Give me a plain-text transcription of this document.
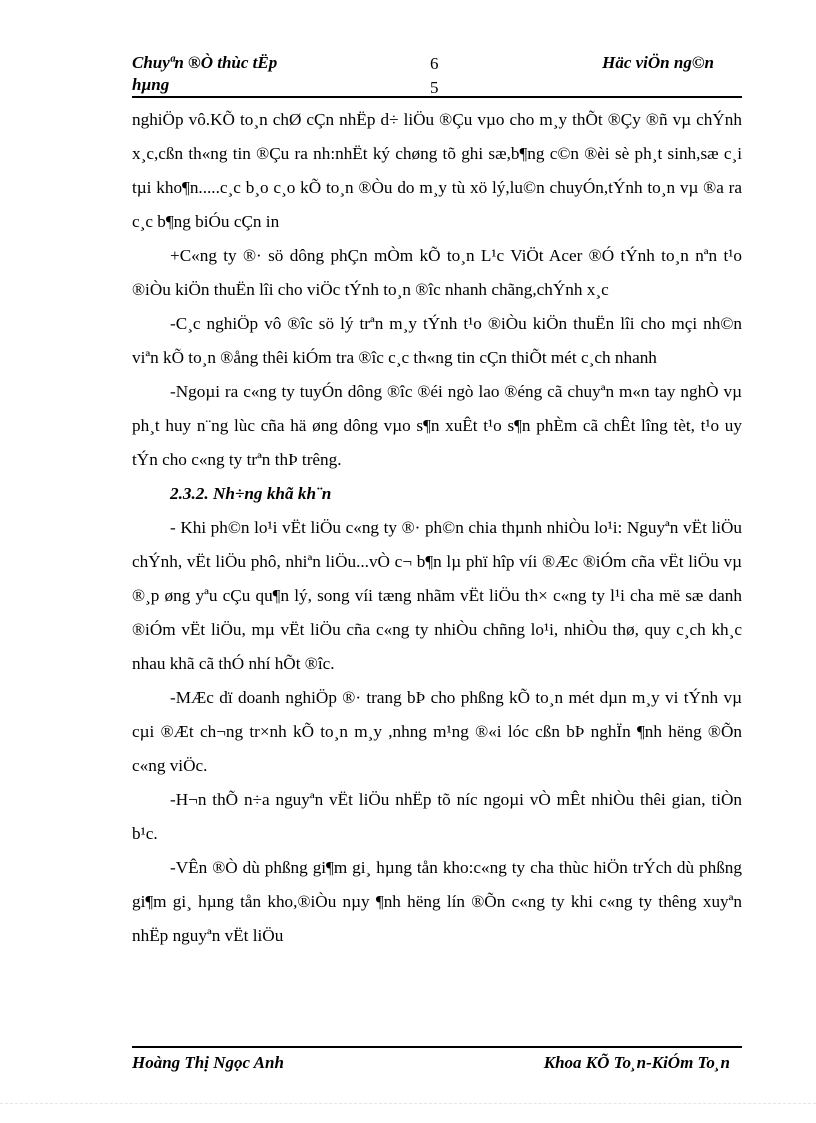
Chuyªn ®Ò thùc tËp
hµng
6
5
Häc viÖn ng©n

nghiÖp vô.KÕ to¸n chØ cÇn nhËp d÷ liÖu ®Çu vµo cho m¸y thÕt ®Çy ®ñ vµ chÝnh x¸c,cßn th«ng tin ®Çu ra nh:nhËt ký chøng tõ ghi sæ,b¶ng c©n ®èi sè ph¸t sinh,sæ c¸i tµi kho¶n.....c¸c b¸o c¸o kÕ to¸n ®Òu do m¸y tù xö lý,lu©n chuyÓn,tÝnh to¸n vµ ®a ra c¸c b¶ng biÓu cÇn in

+C«ng ty ®· sö dông phÇn mÒm kÕ to¸n L¹c ViÖt Acer ®Ó tÝnh to¸n nªn t¹o ®iÒu kiÖn thuËn lîi cho viÖc tÝnh to¸n ®îc nhanh chãng,chÝnh x¸c

-C¸c nghiÖp vô ®îc sö lý trªn m¸y tÝnh t¹o ®iÒu kiÖn thuËn lîi cho mçi nh©n viªn kÕ to¸n ®ång thêi kiÓm tra ®îc c¸c th«ng tin cÇn thiÕt mét c¸ch nhanh

-Ngoµi ra c«ng ty tuyÓn dông ®îc ®éi ngò lao ®éng cã chuyªn m«n tay nghÒ vµ ph¸t huy n¨ng lùc cña hä øng dông vµo s¶n xuÊt t¹o s¶n phÈm cã chÊt lîng tèt, t¹o uy tÝn cho c«ng ty trªn thÞ trêng.

2.3.2. Nh÷ng khã kh¨n

- Khi ph©n lo¹i vËt liÖu c«ng ty ®· ph©n chia thµnh nhiÒu lo¹i: Nguyªn vËt liÖu chÝnh, vËt liÖu phô, nhiªn liÖu...vÒ c¬ b¶n lµ phï hîp víi ®Æc ®iÓm cña vËt liÖu vµ ®¸p øng yªu cÇu qu¶n lý, song víi tæng nhãm vËt liÖu th× c«ng ty l¹i cha më sæ danh ®iÓm vËt liÖu, mµ vËt liÖu cña c«ng ty nhiÒu chñng lo¹i, nhiÒu thø, quy c¸ch kh¸c nhau khã cã thÓ nhí hÕt ®îc.

-MÆc dï doanh nghiÖp ®· trang bÞ cho phßng kÕ to¸n mét dµn m¸y vi tÝnh vµ cµi ®Æt ch¬ng tr×nh kÕ to¸n m¸y ,nhng m¹ng ®«i lóc cßn bÞ nghÏn ¶nh hëng ®Õn c«ng viÖc.

-H¬n thÕ n÷a nguyªn vËt liÖu nhËp tõ níc ngoµi vÒ mÊt nhiÒu thêi gian, tiÒn b¹c.

-VÊn ®Ò dù phßng gi¶m gi¸ hµng tån kho:c«ng ty cha thùc hiÖn trÝch dù phßng gi¶m gi¸ hµng tån kho,®iÒu nµy ¶nh hëng lín ®Õn c«ng ty khi c«ng ty thêng xuyªn nhËp nguyªn vËt liÖu

Hoàng Thị Ngọc Anh	Khoa KÕ To¸n-KiÓm To¸n
